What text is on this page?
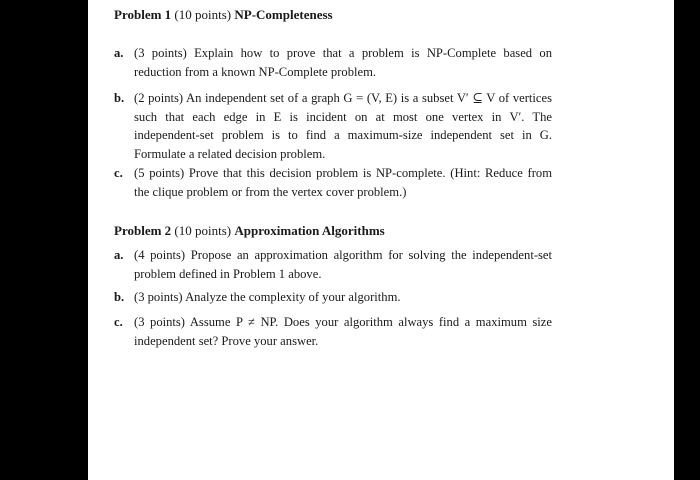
Problem 1 (10 points) NP-Completeness
a. (3 points) Explain how to prove that a problem is NP-Complete based on
reduction from a known NP-Complete problem.
b. (2 points) An independent set of a graph G = (V, E) is a subset V′ ⊆ V of vertices
such that each edge in E is incident on at most one vertex in V′. The
independent-set problem is to find a maximum-size independent set in G.
Formulate a related decision problem.
c. (5 points) Prove that this decision problem is NP-complete. (Hint: Reduce from
the clique problem or from the vertex cover problem.)
Problem 2 (10 points) Approximation Algorithms
a. (4 points) Propose an approximation algorithm for solving the independent-set
problem defined in Problem 1 above.
b. (3 points) Analyze the complexity of your algorithm.
c. (3 points) Assume P ≠ NP. Does your algorithm always find a maximum size
independent set? Prove your answer.
